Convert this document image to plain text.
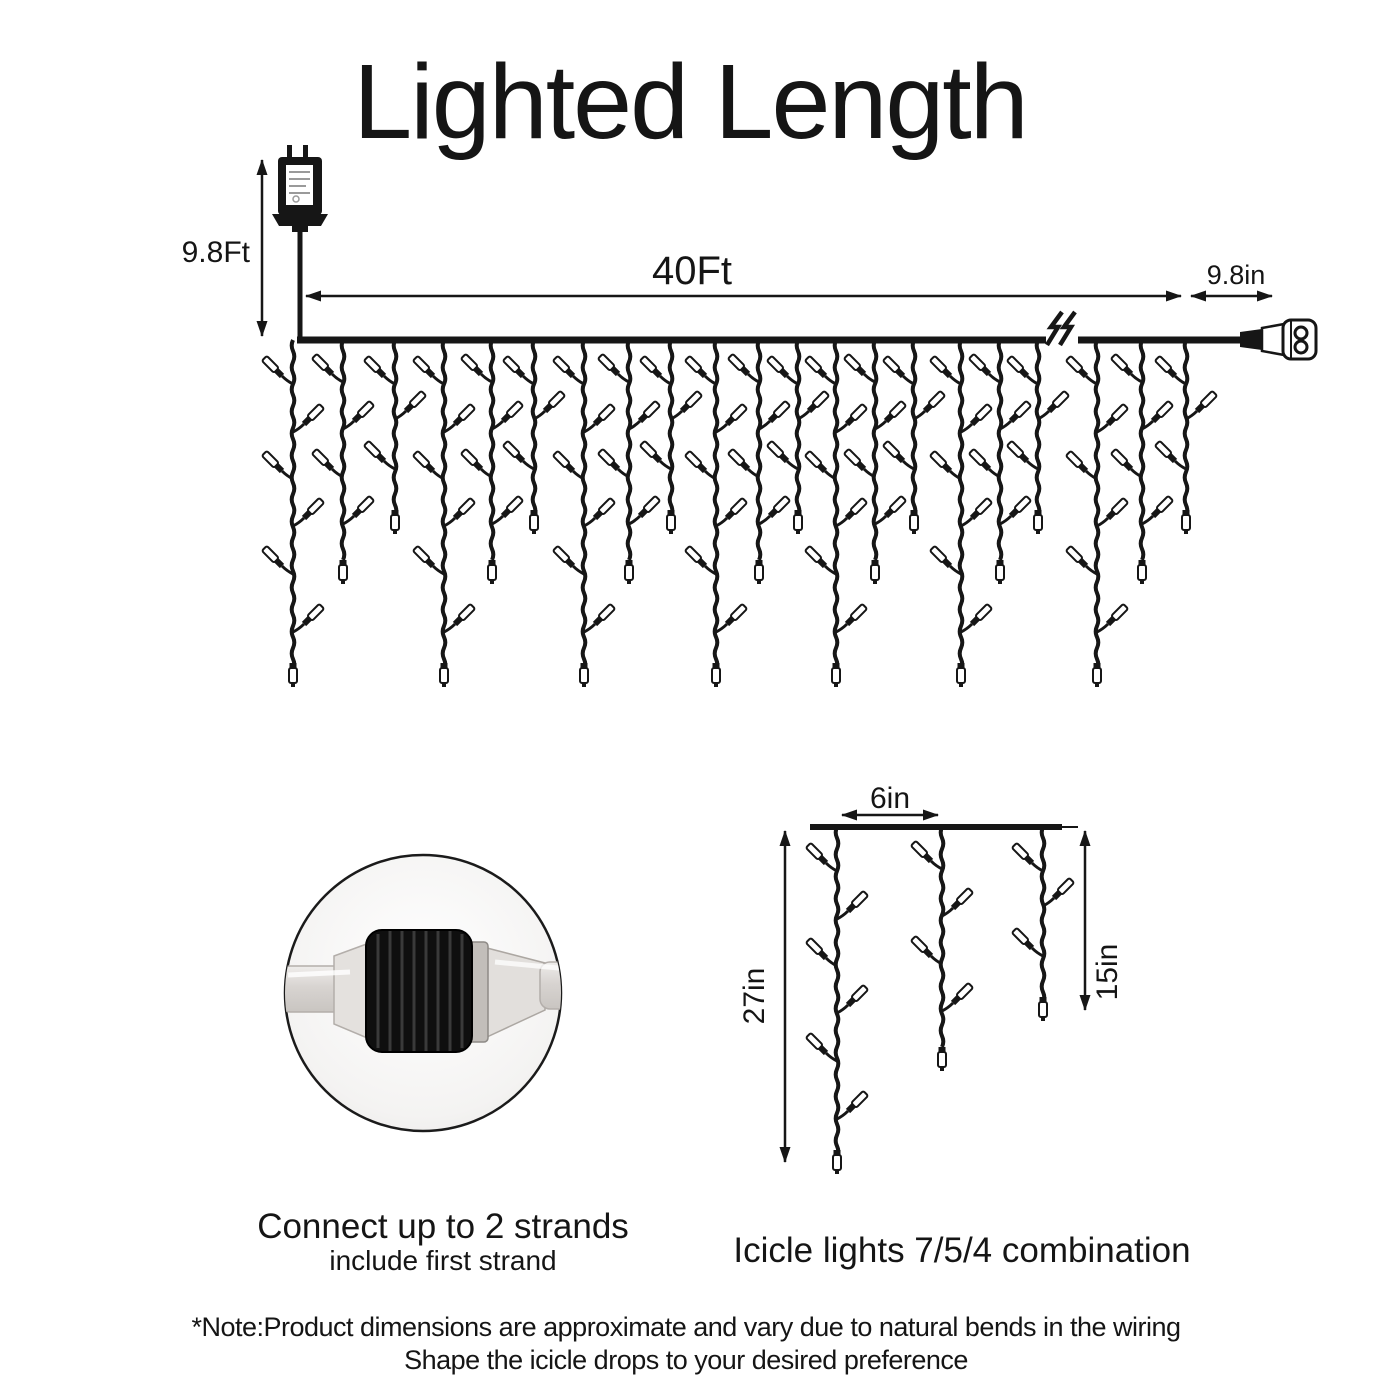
Lighted Length
9.8Ft	40Ft	9.8in
6in
27in	15in
Connect up to 2 strands
include first strand	Icicle lights 7/5/4 combination
*Note:Product dimensions are approximate and vary due to natural bends in the wiring
Shape the icicle drops to your desired preference
